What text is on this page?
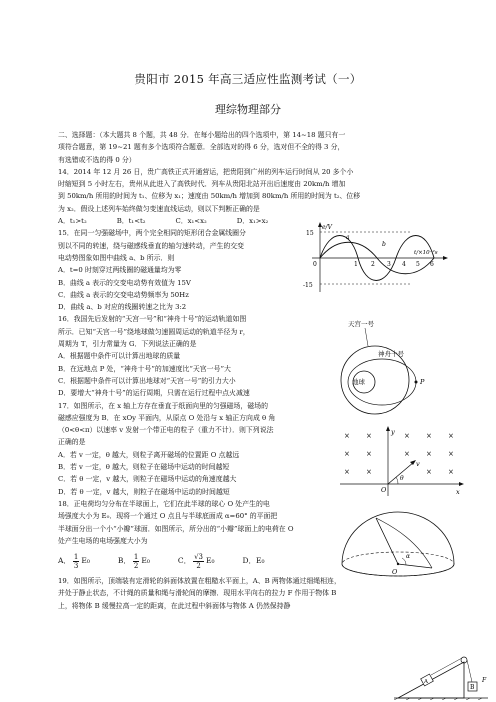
贵阳市 2015 年高三适应性监测考试（一）
理综物理部分

二、选择题：（本大题共 8 个题，共 48 分．在每小题给出的四个选项中，第 14~18 题只有一

项符合题意，第 19~21 题有多个选项符合题意．全部选对的得 6 分，选对但不全的得 3 分，

有选错或不选的得 0 分）

14．2014 年 12 月 26 日，贵广高铁正式开通营运，把贵阳到广州的列车运行时间从 20 多个小

时缩短到 5 小时左右，贵州从此进入了高铁时代．列车从贵阳北站开出后速度由 20km/h 增加

到 50km/h 所用的时间为 t₁、位移为 x₁；速度由 50km/h 增加到 80km/h 所用的时间为 t₂、位移

为 x₂．假设上述列车始终做匀变速直线运动，则以下判断正确的是

A．t₁>t₂	B．t₁<t₂	C．x₁<x₂	D．x₁>x₂

15．在同一匀强磁场中，两个完全相同的矩形闭合金属线圈分

别以不同的转速，绕与磁感线垂直的轴匀速转动，产生的交变

电动势图象如图中曲线 a、b 所示．则

A．t=0 时刻穿过两线圈的磁通量均为零

B．曲线 a 表示的交变电动势有效值为 15V

C．曲线 a 表示的交变电动势频率为 50Hz

D．曲线 a、b 对应的线圈转速之比为 3:2

16．我国先后发射的“天宫一号”和“神舟十号”的运动轨道如图

所示．已知“天宫一号”绕地球做匀速圆周运动的轨道半径为 r，

周期为 T，引力常量为 G．下列说法正确的是

A．根据题中条件可以计算出地球的质量

B．在远地点 P 处，“神舟十号”的加速度比“天宫一号”大

C．根据题中条件可以计算出地球对“天宫一号”的引力大小

D．要增大“神舟十号”的运行周期，只需在运行过程中点火减速

17．如图所示，在 x 轴上方存在垂直于纸面向里的匀强磁场，磁场的

磁感应强度为 B．在 xOy 平面内，从原点 O 处沿与 x 轴正方向成 θ 角

（0<θ<π）以速率 v 发射一个带正电的粒子（重力不计）．则下列说法

正确的是

A．若 v 一定，θ 越大，则粒子离开磁场的位置距 O 点越远

B．若 v 一定，θ 越大，则粒子在磁场中运动的时间越短

C．若 θ 一定，v 越大，则粒子在磁场中运动的角速度越大

D．若 θ 一定，v 越大，则粒子在磁场中运动的时间越短

18．正电荷均匀分布在半球面上，它们在此半球的球心 O 处产生的电

场强度大小为 E₀．现将一个通过 O 点且与半球底面成 α=60° 的平面把

半球面分出一个小“小瓣”球面．如图所示，所分出的“小瓣”球面上的电荷在 O

处产生电场的电场强度大小为

A． $\frac{1}{3} E_0$	B． $\frac{1}{2} E_0$	C． $\frac{√3}{2} E_0$	D． E₀

19．如图所示，顶端装有定滑轮的斜面体放置在粗糙水平面上，A、B 两物体通过细绳相连，

并处于静止状态，不计绳的质量和绳与滑轮间的摩擦．现用水平向右的拉力 F 作用于物体 B

上，将物体 B 缓慢拉高一定的距离，在此过程中斜面体与物体 A 仍然保持静

e/V
15
-15
0	1 2 3 4 5 6
t/×10⁻²s
a
b
地球
天宫一号
神舟十号
P
× ×	× × ×
× ×	× × ×
× ×	× ×
y
x
O
v
θ
O
α
A
B
F
